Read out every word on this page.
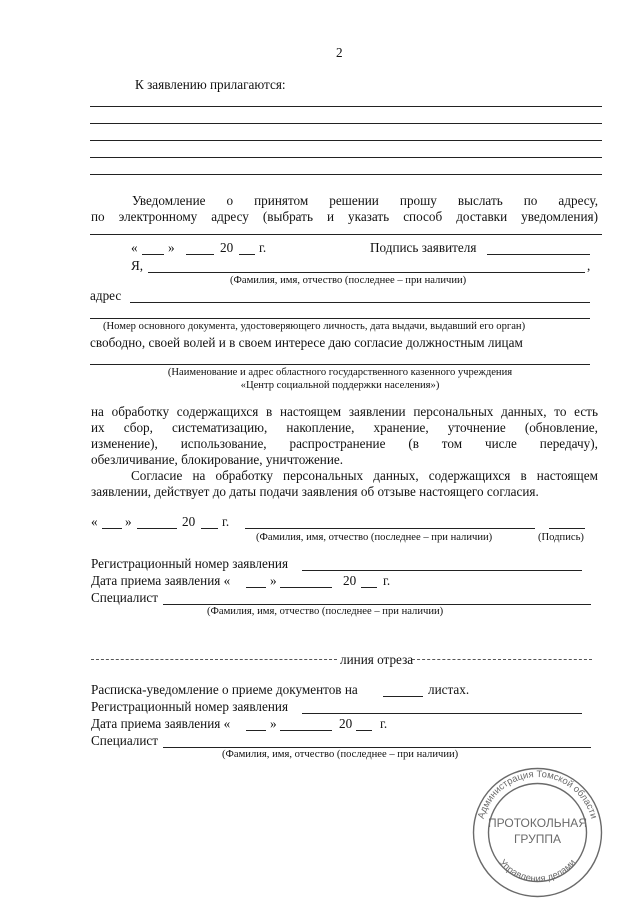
2
К заявлению прилагаются:
Уведомление о принятом решении прошу выслать по адресу,
по электронному адресу (выбрать и указать способ доставки уведомления)
« »	20 г.	Подпись заявителя
Я,	,
(Фамилия, имя, отчество (последнее – при наличии)
адрес
(Номер основного документа, удостоверяющего личность, дата выдачи, выдавший его орган)
свободно, своей волей и в своем интересе даю согласие должностным лицам
(Наименование и адрес областного государственного казенного учреждения
«Центр социальной поддержки населения»)
на обработку содержащихся в настоящем заявлении персональных данных, то есть
их сбор, систематизацию, накопление, хранение, уточнение (обновление,
изменение), использование, распространение (в том числе передачу),
обезличивание, блокирование, уничтожение.
Согласие на обработку персональных данных, содержащихся в настоящем
заявлении, действует до даты подачи заявления об отзыве настоящего согласия.
« »	20 г.
(Фамилия, имя, отчество (последнее – при наличии)	(Подпись)
Регистрационный номер заявления
Дата приема заявления «	»	20 г.
Специалист
(Фамилия, имя, отчество (последнее – при наличии)
линия отреза
Расписка-уведомление о приеме документов на	листах.
Регистрационный номер заявления
Дата приема заявления «	»	20 г.
Специалист
(Фамилия, имя, отчество (последнее – при наличии)
Администрация Томской области
Управления делами
ПРОТОКОЛЬНАЯ
ГРУППА
